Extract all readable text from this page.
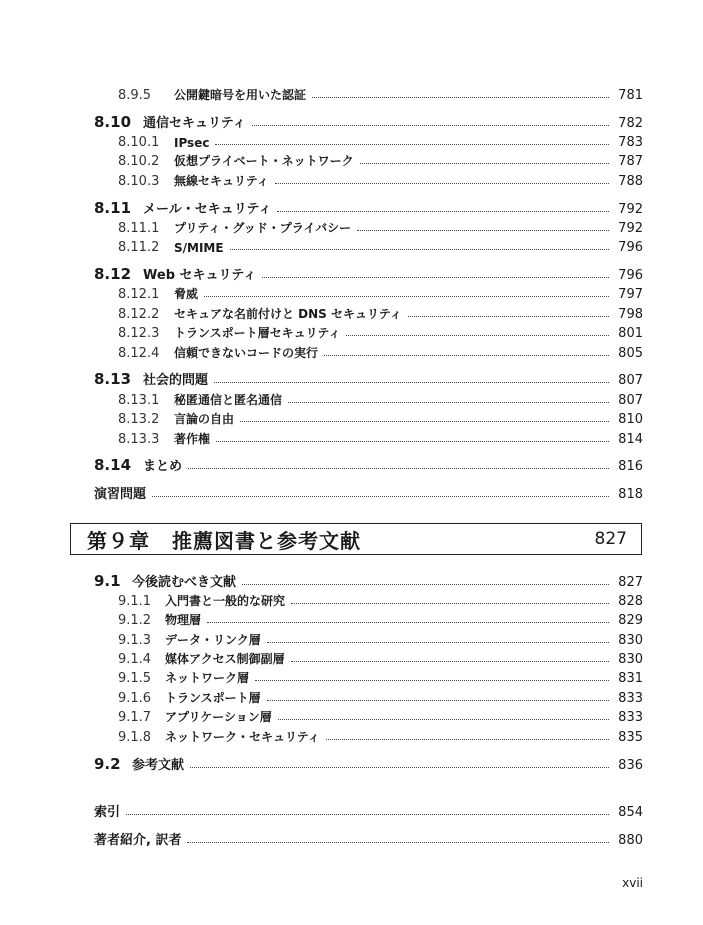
8.9.5	公開鍵暗号を用いた認証	781
8.10 通信セキュリティ	782
8.10.1	IPsec	783
8.10.2	仮想プライベート・ネットワーク	787
8.10.3	無線セキュリティ	788
8.11 メール・セキュリティ	792
8.11.1	プリティ・グッド・プライバシー	792
8.11.2	S/MIME	796
8.12 Web セキュリティ	796
8.12.1	脅威	797
8.12.2	セキュアな名前付けと DNS セキュリティ	798
8.12.3	トランスポート層セキュリティ	801
8.12.4	信頼できないコードの実行	805
8.13 社会的問題	807
8.13.1	秘匿通信と匿名通信	807
8.13.2	言論の自由	810
8.13.3	著作権	814
8.14 まとめ	816
演習問題	818
第９章 推薦図書と参考文献	827
9.1 今後読むべき文献	827
9.1.1	入門書と一般的な研究	828
9.1.2	物理層	829
9.1.3	データ・リンク層	830
9.1.4	媒体アクセス制御副層	830
9.1.5	ネットワーク層	831
9.1.6	トランスポート層	833
9.1.7	アプリケーション層	833
9.1.8	ネットワーク・セキュリティ	835
9.2 参考文献	836
索引	854
著者紹介, 訳者	880
xvii
